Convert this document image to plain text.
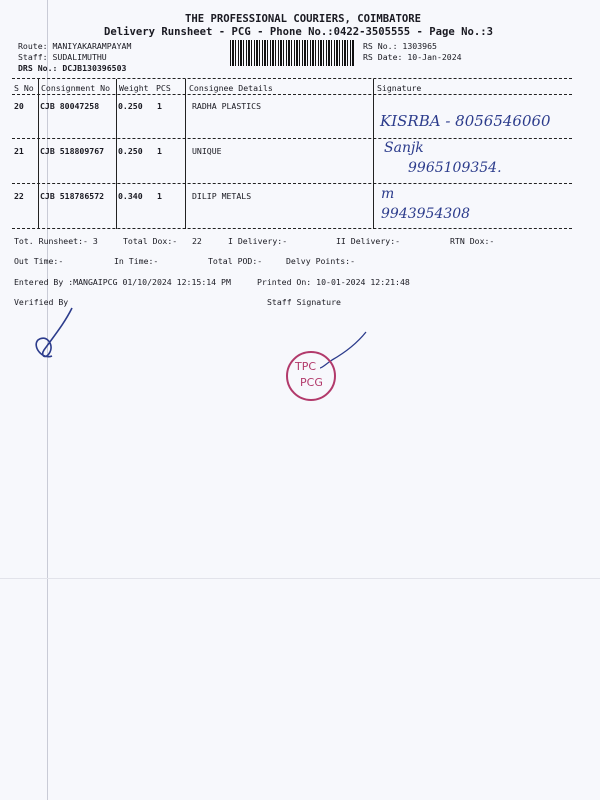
THE PROFESSIONAL COURIERS, COIMBATORE
Delivery Runsheet - PCG - Phone No.:0422-3505555 - Page No.:3
Route: MANIYAKARAMPAYAM
Staff: SUDALIMUTHU
DRS No.: DCJB130396503
RS No.: 1303965
RS Date: 10-Jan-2024
S No Consignment No Weight PCS Consignee Details	Signature
20 CJB 80047258 0.250 1	RADHA PLASTICS
KISRBA - 8056546060
21 CJB 518809767 0.250 1	UNIQUE	Sanjk
9965109354.
22 CJB 518786572 0.340 1	DILIP METALS	m
9943954308
Tot. Runsheet:- 3	Total Dox:- 22	I Delivery:-	II Delivery:-	RTN Dox:-
Out Time:-	In Time:-	Total POD:-	Delvy Points:-
Entered By :MANGAIPCG 01/10/2024 12:15:14 PM	Printed On: 10-01-2024 12:21:48
Verified By	Staff Signature
TPC
PCG
